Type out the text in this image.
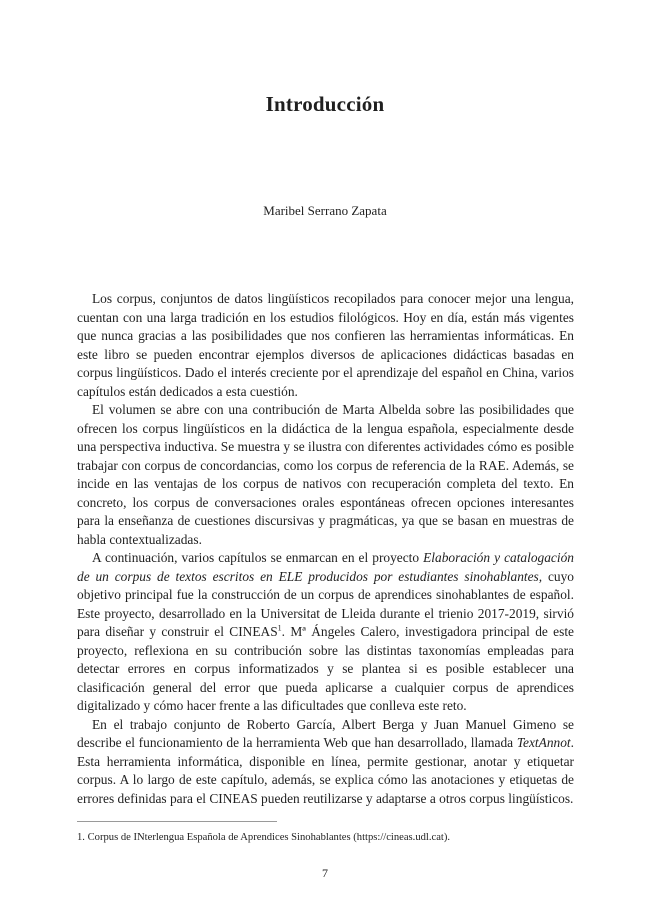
Introducción

Maribel Serrano Zapata

Los corpus, conjuntos de datos lingüísticos recopilados para conocer mejor una lengua, cuentan con una larga tradición en los estudios filológicos. Hoy en día, están más vigentes que nunca gracias a las posibilidades que nos confieren las herramientas informáticas. En este libro se pueden encontrar ejemplos diversos de aplicaciones didácticas basadas en corpus lingüísticos. Dado el interés creciente por el aprendizaje del español en China, varios capítulos están dedicados a esta cuestión.

El volumen se abre con una contribución de Marta Albelda sobre las posibilidades que ofrecen los corpus lingüísticos en la didáctica de la lengua española, especialmente desde una perspectiva inductiva. Se muestra y se ilustra con diferentes actividades cómo es posible trabajar con corpus de concordancias, como los corpus de referencia de la RAE. Además, se incide en las ventajas de los corpus de nativos con recuperación completa del texto. En concreto, los corpus de conversaciones orales espontáneas ofrecen opciones interesantes para la enseñanza de cuestiones discursivas y pragmáticas, ya que se basan en muestras de habla contextualizadas.

A continuación, varios capítulos se enmarcan en el proyecto Elaboración y catalogación de un corpus de textos escritos en ELE producidos por estudiantes sinohablantes, cuyo objetivo principal fue la construcción de un corpus de aprendices sinohablantes de español. Este proyecto, desarrollado en la Universitat de Lleida durante el trienio 2017-2019, sirvió para diseñar y construir el CINEAS$^1$. Mª Ángeles Calero, investigadora principal de este proyecto, reflexiona en su contribución sobre las distintas taxonomías empleadas para detectar errores en corpus informatizados y se plantea si es posible establecer una clasificación general del error que pueda aplicarse a cualquier corpus de aprendices digitalizado y cómo hacer frente a las dificultades que conlleva este reto.

En el trabajo conjunto de Roberto García, Albert Berga y Juan Manuel Gimeno se describe el funcionamiento de la herramienta Web que han desarrollado, llamada TextAnnot. Esta herramienta informática, disponible en línea, permite gestionar, anotar y etiquetar corpus. A lo largo de este capítulo, además, se explica cómo las anotaciones y etiquetas de errores definidas para el CINEAS pueden reutilizarse y adaptarse a otros corpus lingüísticos.

1. Corpus de INterlengua Española de Aprendices Sinohablantes (https://cineas.udl.cat).

7
